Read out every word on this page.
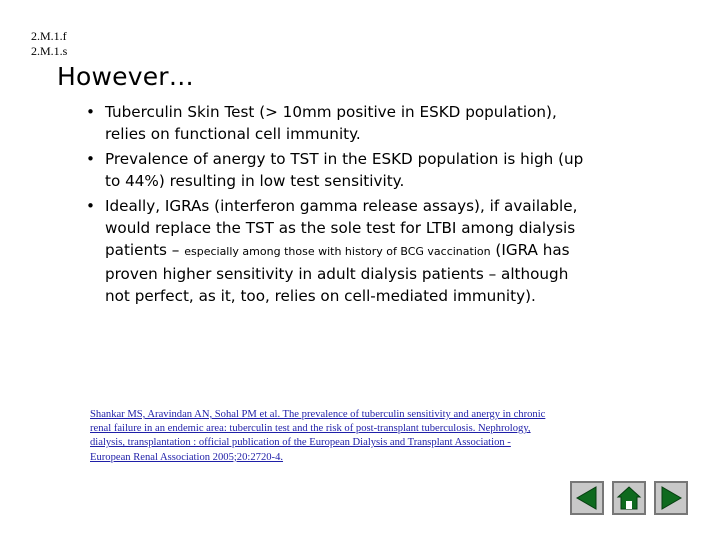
2.M.1.f
2.M.1.s
However…
• Tuberculin Skin Test (> 10mm positive in ESKD population), relies on functional cell immunity.
• Prevalence of anergy to TST in the ESKD population is high (up to 44%) resulting in low test sensitivity.
• Ideally, IGRAs (interferon gamma release assays), if available, would replace the TST as the sole test for LTBI among dialysis patients – especially among those with history of BCG vaccination (IGRA has proven higher sensitivity in adult dialysis patients – although not perfect, as it, too, relies on cell-mediated immunity).
Shankar MS, Aravindan AN, Sohal PM et al. The prevalence of tuberculin sensitivity and anergy in chronic renal failure in an endemic area: tuberculin test and the risk of post-transplant tuberculosis. Nephrology, dialysis, transplantation : official publication of the European Dialysis and Transplant Association - European Renal Association 2005;20:2720-4.
